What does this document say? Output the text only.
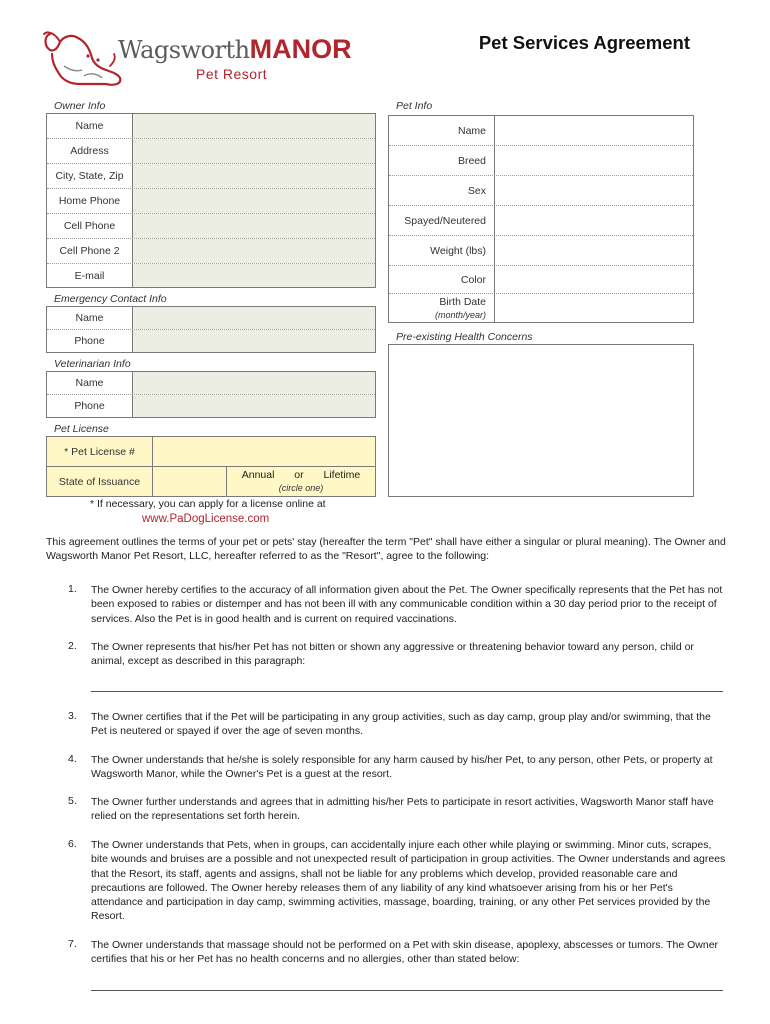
WagsworthMANOR
Pet Resort
Pet Services Agreement
Owner Info
Name
Address
City, State, Zip
Home Phone
Cell Phone
Cell Phone 2
E-mail
Emergency Contact Info
Name
Phone
Veterinarian Info
Name
Phone
Pet License
* Pet License #
State of Issuance
Annual or Lifetime
(circle one)
* If necessary, you can apply for a license online at
www.PaDogLicense.com
Pet Info
Name
Breed
Sex
Spayed/Neutered
Weight (lbs)
Color
Birth Date
(month/year)
Pre-existing Health Concerns
This agreement outlines the terms of your pet or pets' stay (hereafter the term "Pet" shall have either a singular or plural meaning). The Owner and Wagsworth Manor Pet Resort, LLC, hereafter referred to as the "Resort", agree to the following:
1. The Owner hereby certifies to the accuracy of all information given about the Pet. The Owner specifically represents that the Pet has not been exposed to rabies or distemper and has not been ill with any communicable condition within a 30 day period prior to the receipt of services. Also the Pet is in good health and is current on required vaccinations.
2. The Owner represents that his/her Pet has not bitten or shown any aggressive or threatening behavior toward any person, child or animal, except as described in this paragraph:
3. The Owner certifies that if the Pet will be participating in any group activities, such as day camp, group play and/or swimming, that the Pet is neutered or spayed if over the age of seven months.
4. The Owner understands that he/she is solely responsible for any harm caused by his/her Pet, to any person, other Pets, or property at Wagsworth Manor, while the Owner's Pet is a guest at the resort.
5. The Owner further understands and agrees that in admitting his/her Pets to participate in resort activities, Wagsworth Manor staff have relied on the representations set forth herein.
6. The Owner understands that Pets, when in groups, can accidentally injure each other while playing or swimming. Minor cuts, scrapes, bite wounds and bruises are a possible and not unexpected result of participation in group activities. The Owner understands and agrees that the Resort, its staff, agents and assigns, shall not be liable for any problems which develop, provided reasonable care and precautions are followed. The Owner hereby releases them of any liability of any kind whatsoever arising from his or her Pet's attendance and participation in day camp, swimming activities, massage, boarding, training, or any other Pet services provided by the Resort.
7. The Owner understands that massage should not be performed on a Pet with skin disease, apoplexy, abscesses or tumors. The Owner certifies that his or her Pet has no health concerns and no allergies, other than stated below:
